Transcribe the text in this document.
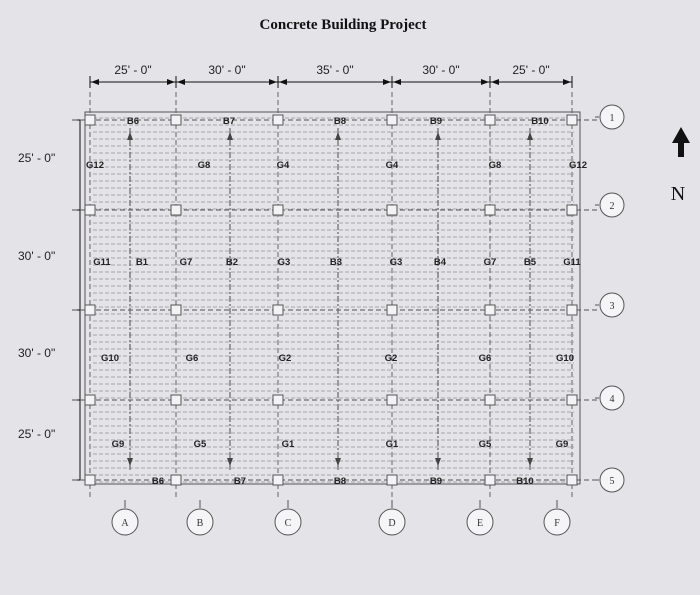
Concrete Building Project
25' - 0"	30' - 0"	35' - 0"	30' - 0"	25' - 0"
25' - 0"
30' - 0"
30' - 0"
25' - 0"
B6	B7	B8	B9	B10
B6	B7	B8	B9	B10
G12	G8	G4	G4	G8	G12
G11	B1	G7	B2	G3	B3	G3	B4	G7	B5	G11
G10	G6	G2	G2	G6	G10
G9	G5	G1	G1	G5	G9
A	B	C	D	E	F
1
2
3
4
5
N
